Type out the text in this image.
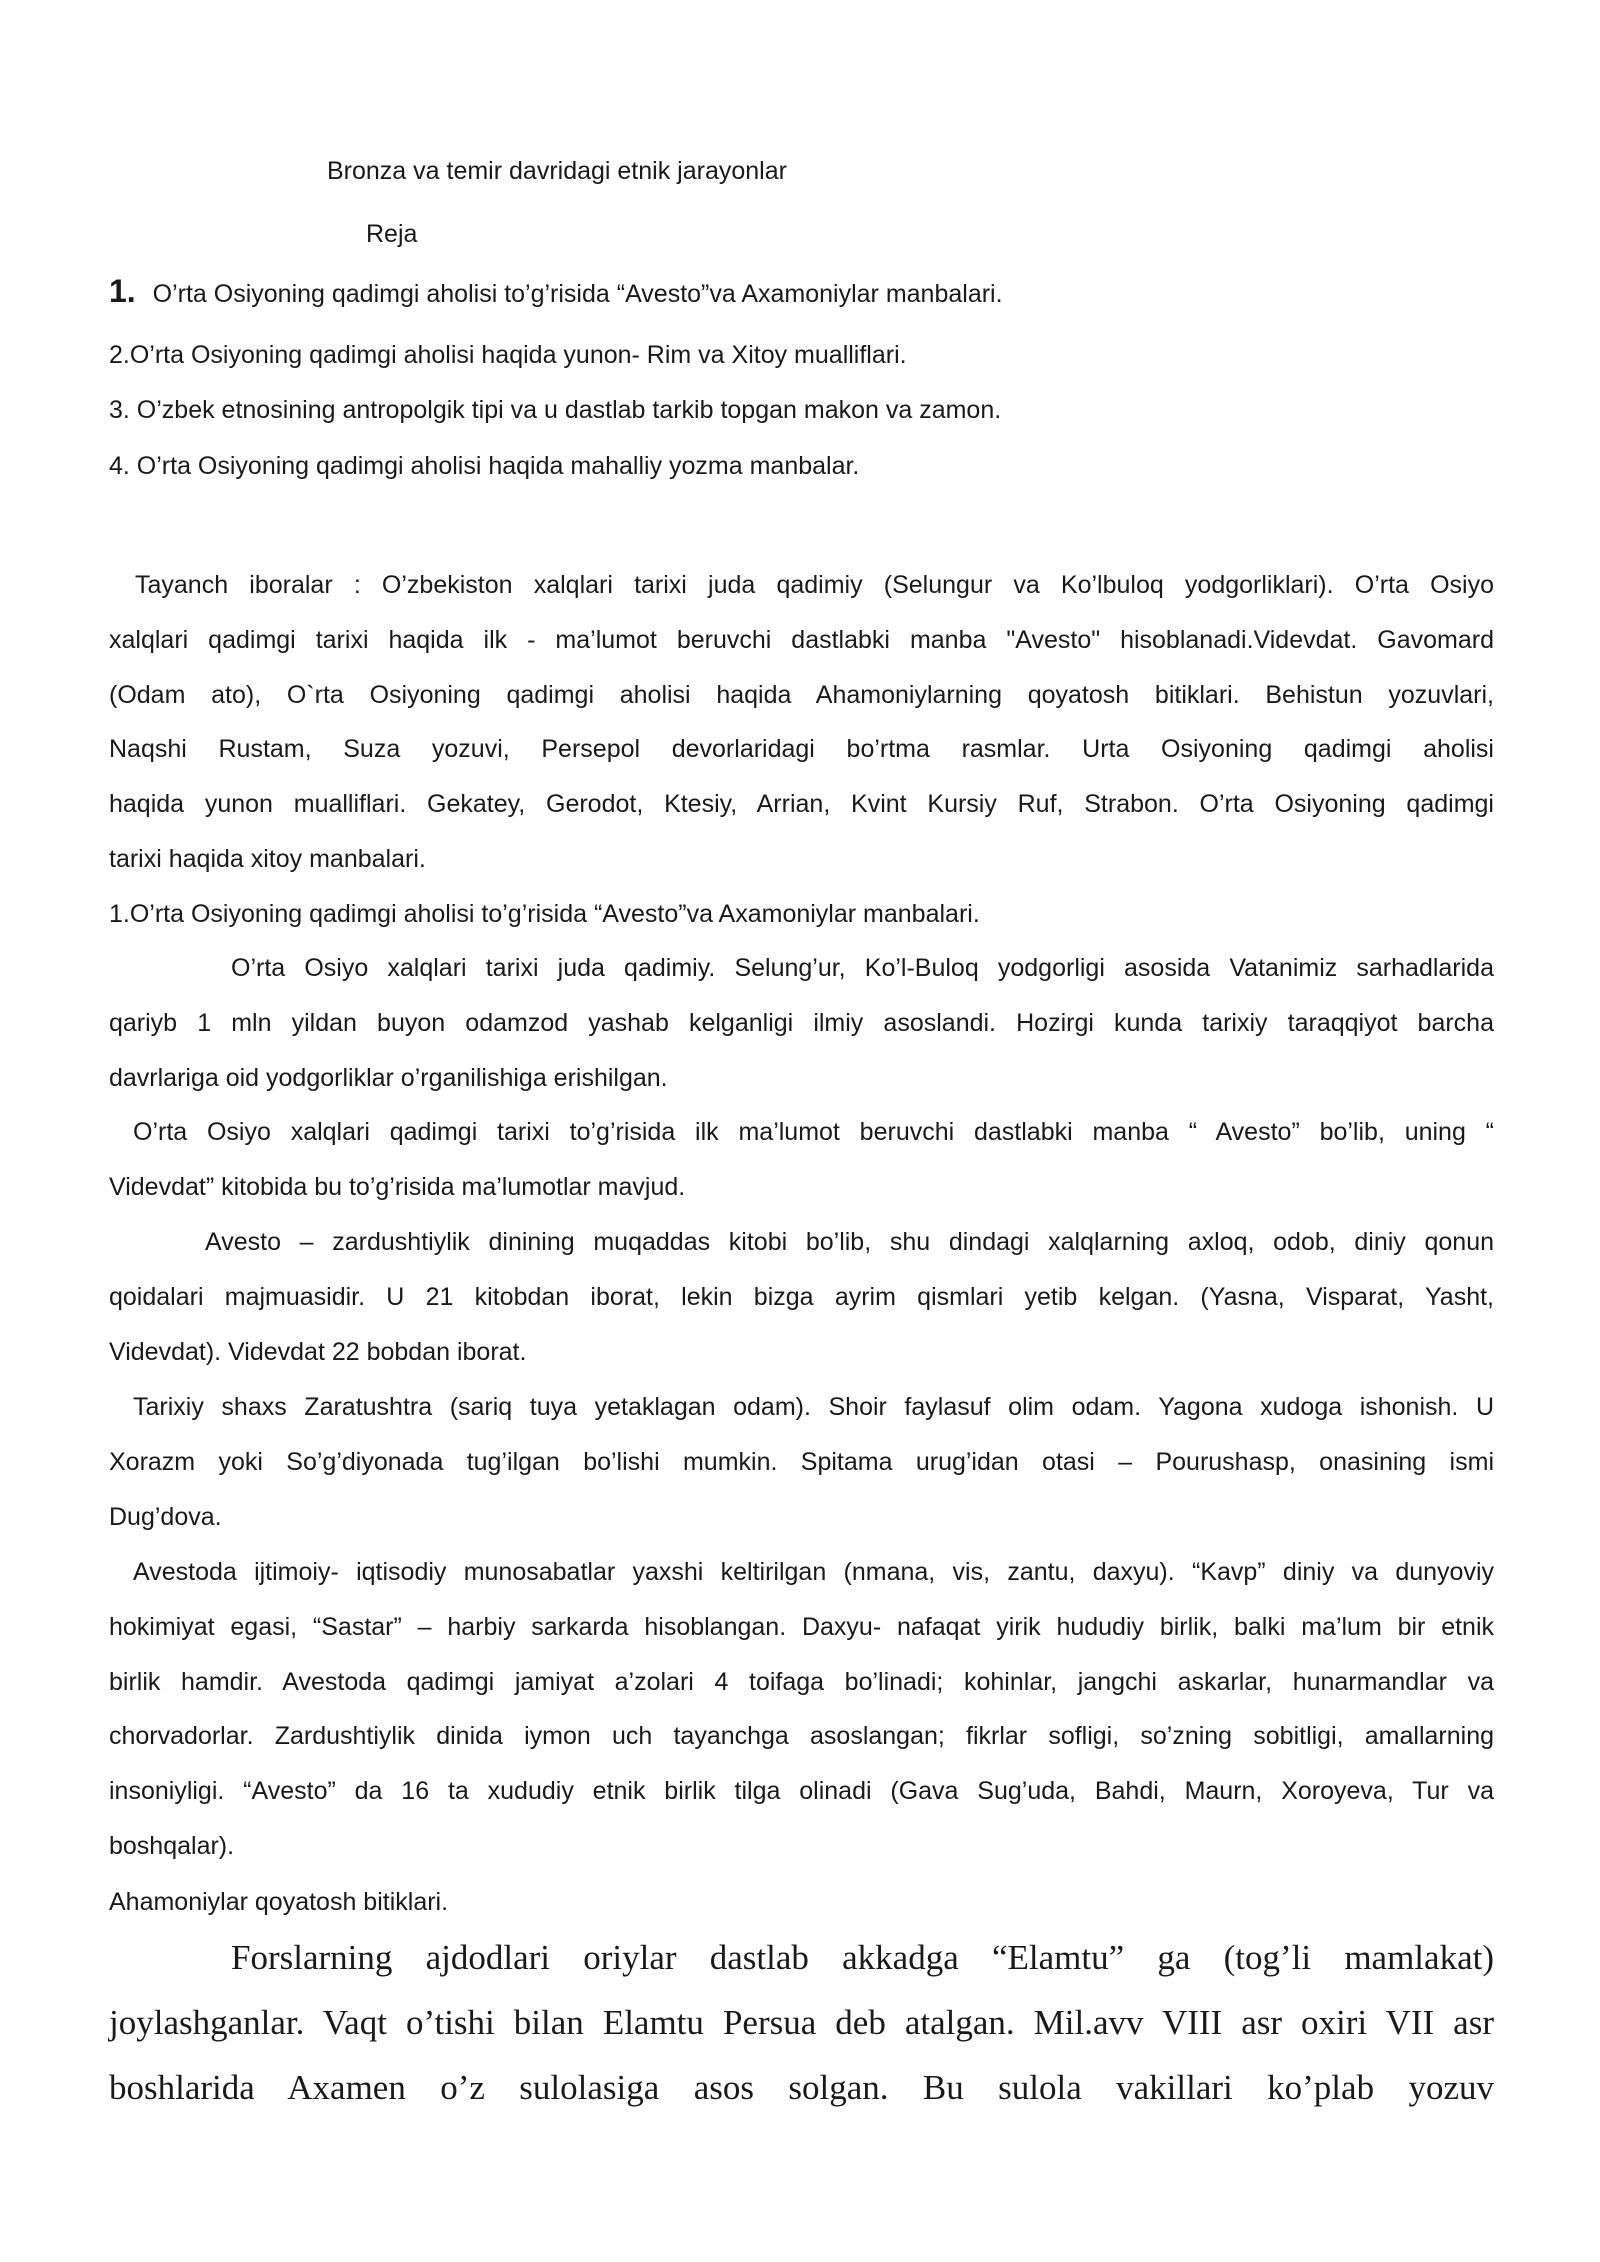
Bronza va temir davridagi etnik jarayonlar
Reja
1. O’rta Osiyoning qadimgi aholisi to’g’risida “Avesto”va Axamoniylar manbalari.
2.O’rta Osiyoning qadimgi aholisi haqida yunon- Rim va Xitoy mualliflari.
3. O’zbek etnosining antropolgik tipi va u dastlab tarkib topgan makon va zamon.
4. O’rta Osiyoning qadimgi aholisi haqida mahalliy yozma manbalar.
Tayanch iboralar : O’zbekiston xalqlari tarixi juda qadimiy (Selungur va Ko’lbuloq yodgorliklari). O’rta Osiyo
xalqlari qadimgi tarixi haqida ilk - ma’lumot beruvchi dastlabki manba "Avesto" hisoblanadi.Videvdat. Gavomard
(Odam ato), O`rta Osiyoning qadimgi aholisi haqida Ahamoniylarning qoyatosh bitiklari. Behistun yozuvlari,
Naqshi Rustam, Suza yozuvi, Persepol devorlaridagi bo’rtma rasmlar. Urta Osiyoning qadimgi aholisi
haqida yunon mualliflari. Gekatey, Gerodot, Ktesiy, Arrian, Kvint Kursiy Ruf, Strabon. O’rta Osiyoning qadimgi
tarixi haqida xitoy manbalari.
1.O’rta Osiyoning qadimgi aholisi to’g’risida “Avesto”va Axamoniylar manbalari.
O’rta Osiyo xalqlari tarixi juda qadimiy. Selung’ur, Ko’l-Buloq yodgorligi asosida Vatanimiz sarhadlarida
qariyb 1 mln yildan buyon odamzod yashab kelganligi ilmiy asoslandi. Hozirgi kunda tarixiy taraqqiyot barcha
davrlariga oid yodgorliklar o’rganilishiga erishilgan.
O’rta Osiyo xalqlari qadimgi tarixi to’g’risida ilk ma’lumot beruvchi dastlabki manba “ Avesto” bo’lib, uning “
Videvdat” kitobida bu to’g’risida ma’lumotlar mavjud.
Avesto – zardushtiylik dinining muqaddas kitobi bo’lib, shu dindagi xalqlarning axloq, odob, diniy qonun
qoidalari majmuasidir. U 21 kitobdan iborat, lekin bizga ayrim qismlari yetib kelgan. (Yasna, Visparat, Yasht,
Videvdat). Videvdat 22 bobdan iborat.
Tarixiy shaxs Zaratushtra (sariq tuya yetaklagan odam). Shoir faylasuf olim odam. Yagona xudoga ishonish. U
Xorazm yoki So’g’diyonada tug’ilgan bo’lishi mumkin. Spitama urug’idan otasi – Pourushasp, onasining ismi
Dug’dova.
Avestoda ijtimoiy- iqtisodiy munosabatlar yaxshi keltirilgan (nmana, vis, zantu, daxyu). “Kavp” diniy va dunyoviy
hokimiyat egasi, “Sastar” – harbiy sarkarda hisoblangan. Daxyu- nafaqat yirik hududiy birlik, balki ma’lum bir etnik
birlik hamdir. Avestoda qadimgi jamiyat a’zolari 4 toifaga bo’linadi; kohinlar, jangchi askarlar, hunarmandlar va
chorvadorlar. Zardushtiylik dinida iymon uch tayanchga asoslangan; fikrlar sofligi, so’zning sobitligi, amallarning
insoniyligi. “Avesto” da 16 ta xududiy etnik birlik tilga olinadi (Gava Sug’uda, Bahdi, Maurn, Xoroyeva, Tur va
boshqalar).
Ahamoniylar qoyatosh bitiklari.
Forslarning ajdodlari oriylar dastlab akkadga “Elamtu” ga (tog’li mamlakat)
joylashganlar. Vaqt o’tishi bilan Elamtu Persua deb atalgan. Mil.avv VIII asr oxiri VII asr
boshlarida Axamen o’z sulolasiga asos solgan. Bu sulola vakillari ko’plab yozuv
